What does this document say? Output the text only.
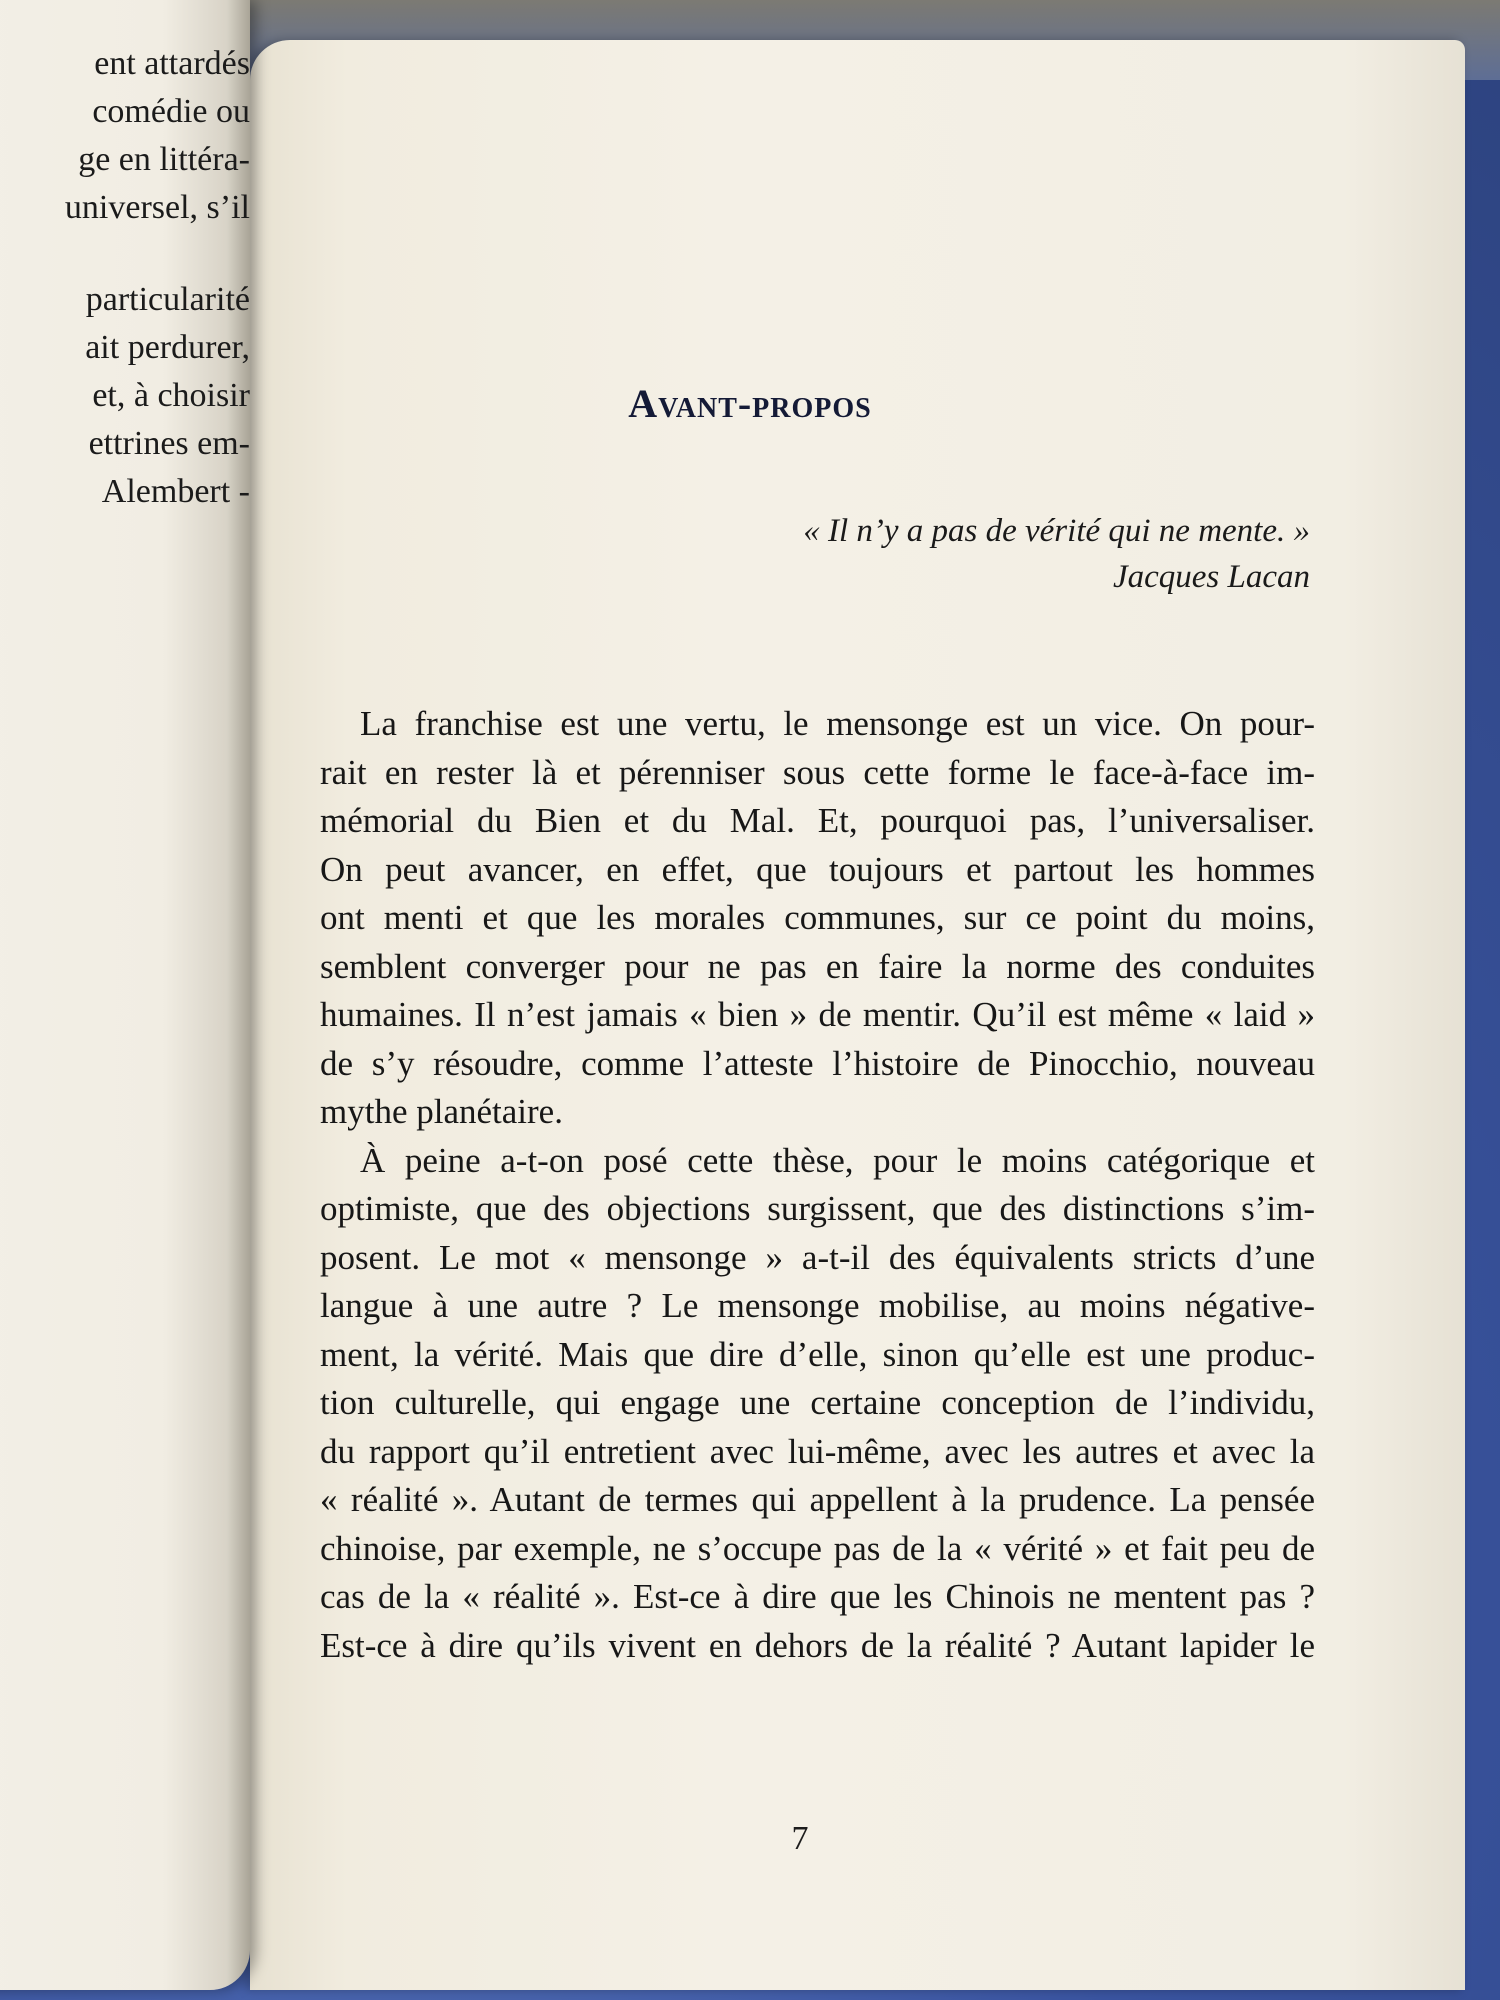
ent attardés
comédie ou
ge en littéra-
universel, s’il
particularité
ait perdurer,
et, à choisir
ettrines em-
Alembert -
Avant-propos
« Il n’y a pas de vérité qui ne mente. »
Jacques Lacan
La franchise est une vertu, le mensonge est un vice. On pour-
rait en rester là et pérenniser sous cette forme le face-à-face im-
mémorial du Bien et du Mal. Et, pourquoi pas, l’universaliser.
On peut avancer, en effet, que toujours et partout les hommes
ont menti et que les morales communes, sur ce point du moins,
semblent converger pour ne pas en faire la norme des conduites
humaines. Il n’est jamais « bien » de mentir. Qu’il est même « laid »
de s’y résoudre, comme l’atteste l’histoire de Pinocchio, nouveau
mythe planétaire.
À peine a-t-on posé cette thèse, pour le moins catégorique et
optimiste, que des objections surgissent, que des distinctions s’im-
posent. Le mot « mensonge » a-t-il des équivalents stricts d’une
langue à une autre ? Le mensonge mobilise, au moins négative-
ment, la vérité. Mais que dire d’elle, sinon qu’elle est une produc-
tion culturelle, qui engage une certaine conception de l’individu,
du rapport qu’il entretient avec lui-même, avec les autres et avec la
« réalité ». Autant de termes qui appellent à la prudence. La pensée
chinoise, par exemple, ne s’occupe pas de la « vérité » et fait peu de
cas de la « réalité ». Est-ce à dire que les Chinois ne mentent pas ?
Est-ce à dire qu’ils vivent en dehors de la réalité ? Autant lapider le
7
